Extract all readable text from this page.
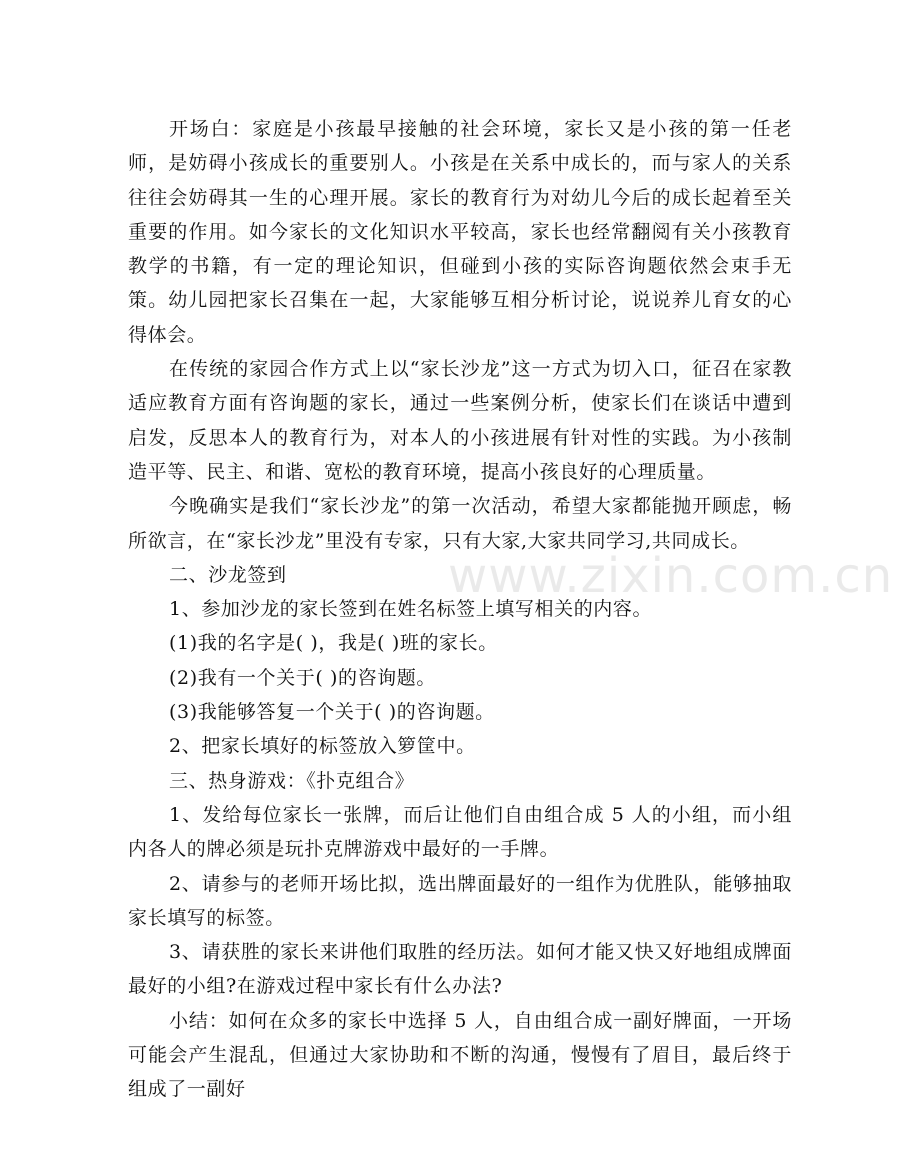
开场白：家庭是小孩最早接触的社会环境，家长又是小孩的第一任老师，是妨碍小孩成长的重要别人。小孩是在关系中成长的，而与家人的关系往往会妨碍其一生的心理开展。家长的教育行为对幼儿今后的成长起着至关重要的作用。如今家长的文化知识水平较高，家长也经常翻阅有关小孩教育教学的书籍，有一定的理论知识，但碰到小孩的实际咨询题依然会束手无策。幼儿园把家长召集在一起，大家能够互相分析讨论，说说养儿育女的心得体会。

在传统的家园合作方式上以“家长沙龙”这一方式为切入口，征召在家教适应教育方面有咨询题的家长，通过一些案例分析，使家长们在谈话中遭到启发，反思本人的教育行为，对本人的小孩进展有针对性的实践。为小孩制造平等、民主、和谐、宽松的教育环境，提高小孩良好的心理质量。

今晚确实是我们“家长沙龙”的第一次活动，希望大家都能抛开顾虑，畅所欲言，在“家长沙龙”里没有专家，只有大家,大家共同学习,共同成长。

二、沙龙签到

1、参加沙龙的家长签到在姓名标签上填写相关的内容。

(1)我的名字是( )，我是( )班的家长。

(2)我有一个关于( )的咨询题。

(3)我能够答复一个关于( )的咨询题。

2、把家长填好的标签放入箩筐中。

三、热身游戏：《扑克组合》

1、发给每位家长一张牌，而后让他们自由组合成 5 人的小组，而小组内各人的牌必须是玩扑克牌游戏中最好的一手牌。

2、请参与的老师开场比拟，选出牌面最好的一组作为优胜队，能够抽取家长填写的标签。

3、请获胜的家长来讲他们取胜的经历法。如何才能又快又好地组成牌面最好的小组?在游戏过程中家长有什么办法?

小结：如何在众多的家长中选择 5 人，自由组合成一副好牌面，一开场可能会产生混乱，但通过大家协助和不断的沟通，慢慢有了眉目，最后终于组成了一副好

www.zixin.com.cn
